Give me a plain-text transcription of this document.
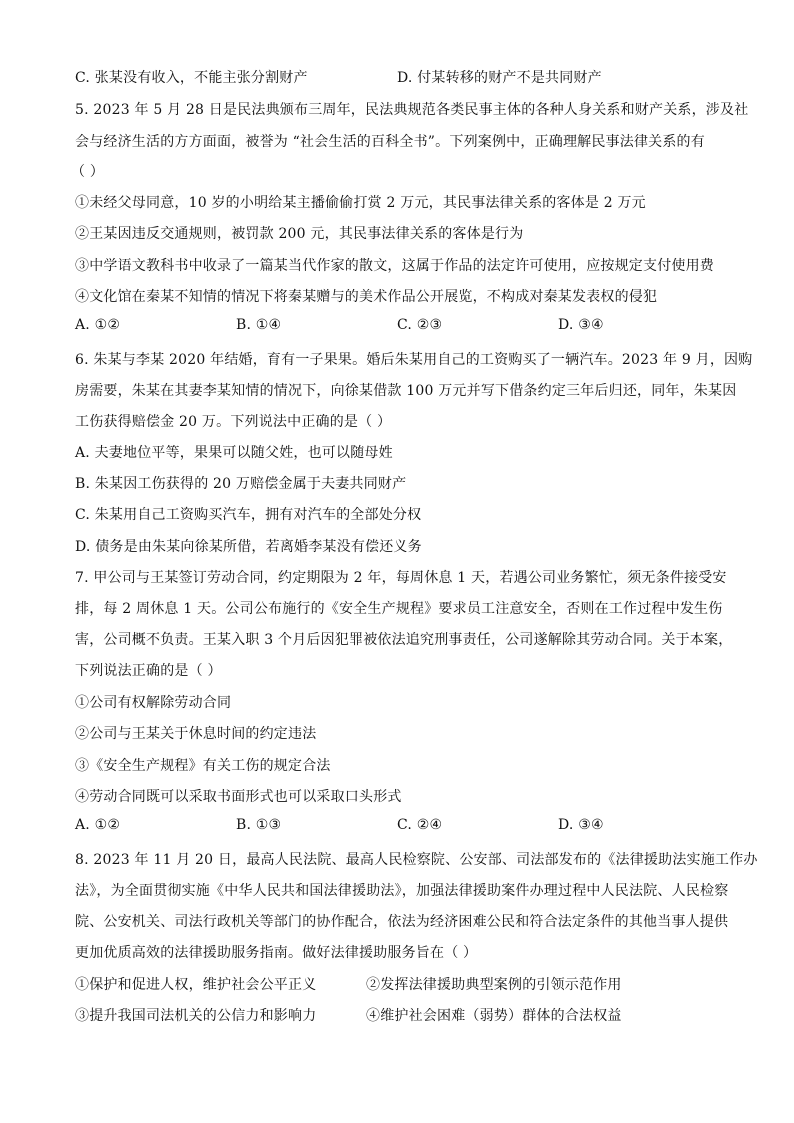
C. 张某没有收入，不能主张分割财产	D. 付某转移的财产不是共同财产
5. 2023 年 5 月 28 日是民法典颁布三周年，民法典规范各类民事主体的各种人身关系和财产关系，涉及社
会与经济生活的方方面面，被誉为 “社会生活的百科全书”。下列案例中，正确理解民事法律关系的有
（ ）
①未经父母同意，10 岁的小明给某主播偷偷打赏 2 万元，其民事法律关系的客体是 2 万元
②王某因违反交通规则，被罚款 200 元，其民事法律关系的客体是行为
③中学语文教科书中收录了一篇某当代作家的散文，这属于作品的法定许可使用，应按规定支付使用费
④文化馆在秦某不知情的情况下将秦某赠与的美术作品公开展览，不构成对秦某发表权的侵犯
A. ①②	B. ①④	C. ②③	D. ③④
6. 朱某与李某 2020 年结婚，育有一子果果。婚后朱某用自己的工资购买了一辆汽车。2023 年 9 月，因购
房需要，朱某在其妻李某知情的情况下，向徐某借款 100 万元并写下借条约定三年后归还，同年，朱某因
工伤获得赔偿金 20 万。下列说法中正确的是（ ）
A. 夫妻地位平等，果果可以随父姓，也可以随母姓
B. 朱某因工伤获得的 20 万赔偿金属于夫妻共同财产
C. 朱某用自己工资购买汽车，拥有对汽车的全部处分权
D. 债务是由朱某向徐某所借，若离婚李某没有偿还义务
7. 甲公司与王某签订劳动合同，约定期限为 2 年，每周休息 1 天，若遇公司业务繁忙，须无条件接受安
排，每 2 周休息 1 天。公司公布施行的《安全生产规程》要求员工注意安全，否则在工作过程中发生伤
害，公司概不负责。王某入职 3 个月后因犯罪被依法追究刑事责任，公司遂解除其劳动合同。关于本案，
下列说法正确的是（ ）
①公司有权解除劳动合同
②公司与王某关于休息时间的约定违法
③《安全生产规程》有关工伤的规定合法
④劳动合同既可以采取书面形式也可以采取口头形式
A. ①②	B. ①③	C. ②④	D. ③④
8. 2023 年 11 月 20 日，最高人民法院、最高人民检察院、公安部、司法部发布的《法律援助法实施工作办
法》，为全面贯彻实施《中华人民共和国法律援助法》，加强法律援助案件办理过程中人民法院、人民检察
院、公安机关、司法行政机关等部门的协作配合，依法为经济困难公民和符合法定条件的其他当事人提供
更加优质高效的法律援助服务指南。做好法律援助服务旨在（ ）
①保护和促进人权，维护社会公平正义	②发挥法律援助典型案例的引领示范作用
③提升我国司法机关的公信力和影响力	④维护社会困难（弱势）群体的合法权益
